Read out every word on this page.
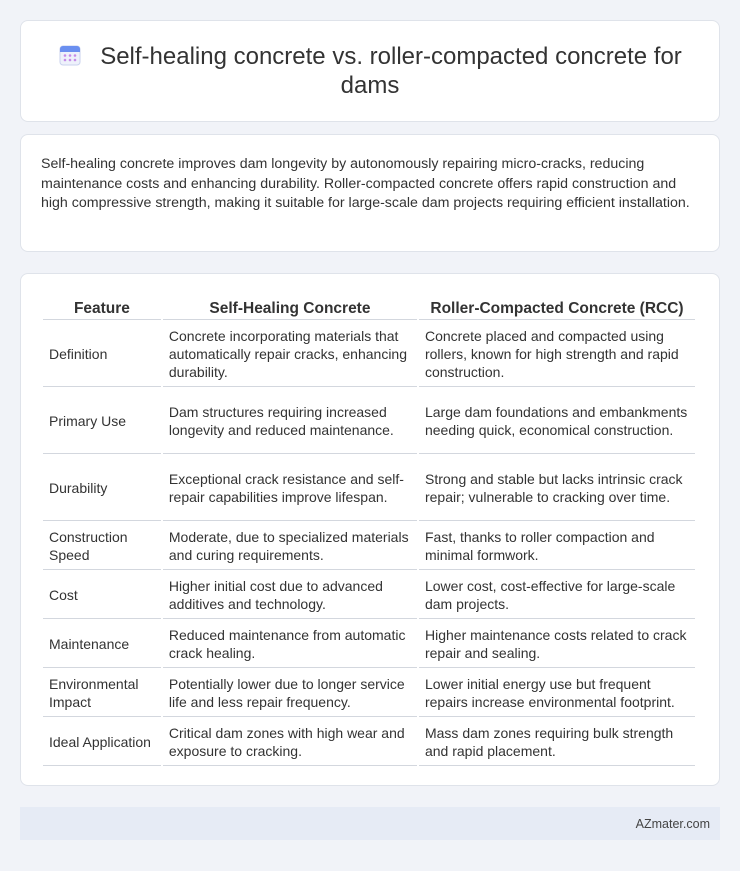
Self-healing concrete vs. roller-compacted concrete for dams

Self-healing concrete improves dam longevity by autonomously repairing micro-cracks, reducing maintenance costs and enhancing durability. Roller-compacted concrete offers rapid construction and high compressive strength, making it suitable for large-scale dam projects requiring efficient installation.

Feature	Self-Healing Concrete	Roller-Compacted Concrete (RCC)
Definition	Concrete incorporating materials that automatically repair cracks, enhancing durability.	Concrete placed and compacted using rollers, known for high strength and rapid construction.
Primary Use	Dam structures requiring increased longevity and reduced maintenance.	Large dam foundations and embankments needing quick, economical construction.
Durability	Exceptional crack resistance and self-repair capabilities improve lifespan.	Strong and stable but lacks intrinsic crack repair; vulnerable to cracking over time.
Construction Speed	Moderate, due to specialized materials and curing requirements.	Fast, thanks to roller compaction and minimal formwork.
Cost	Higher initial cost due to advanced additives and technology.	Lower cost, cost-effective for large-scale dam projects.
Maintenance	Reduced maintenance from automatic crack healing.	Higher maintenance costs related to crack repair and sealing.
Environmental Impact	Potentially lower due to longer service life and less repair frequency.	Lower initial energy use but frequent repairs increase environmental footprint.
Ideal Application	Critical dam zones with high wear and exposure to cracking.	Mass dam zones requiring bulk strength and rapid placement.
AZmater.com
